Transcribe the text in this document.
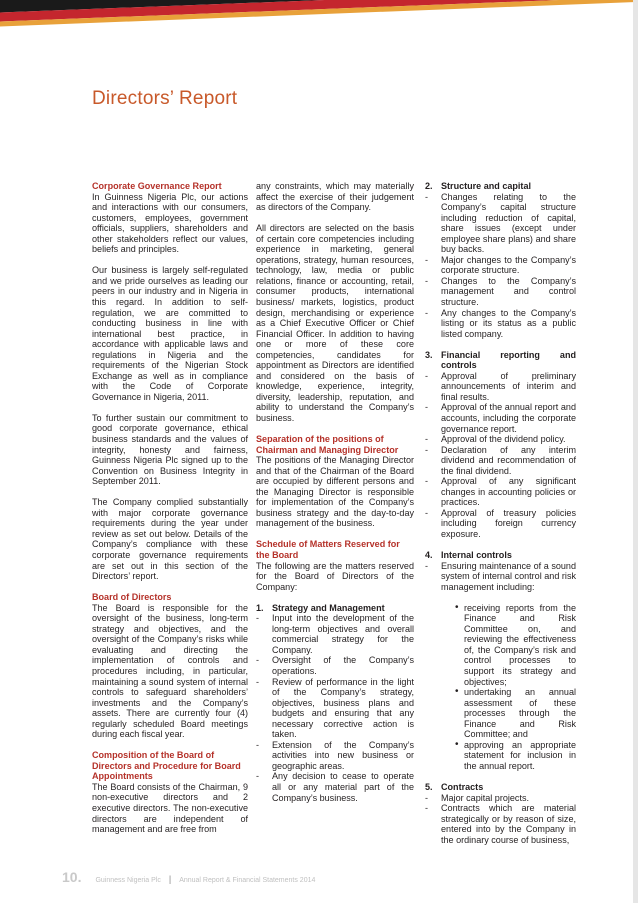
Directors’ Report
Corporate Governance Report

In Guinness Nigeria Plc, our actions and interactions with our consumers, customers, employees, government officials, suppliers, shareholders and other stakeholders reflect our values, beliefs and principles.

Our business is largely self-regulated and we pride ourselves as leading our peers in our industry and in Nigeria in this regard. In addition to self-regulation, we are committed to conducting business in line with international best practice, in accordance with applicable laws and regulations in Nigeria and the requirements of the Nigerian Stock Exchange as well as in compliance with the Code of Corporate Governance in Nigeria, 2011.

To further sustain our commitment to good corporate governance, ethical business standards and the values of integrity, honesty and fairness, Guinness Nigeria Plc signed up to the Convention on Business Integrity in September 2011.

The Company complied substantially with major corporate governance requirements during the year under review as set out below. Details of the Company’s compliance with these corporate governance requirements are set out in this section of the Directors’ report.

Board of Directors

The Board is responsible for the oversight of the business, long-term strategy and objectives, and the oversight of the Company’s risks while evaluating and directing the implementation of controls and procedures including, in particular, maintaining a sound system of internal controls to safeguard shareholders’ investments and the Company’s assets. There are currently four (4) regularly scheduled Board meetings during each fiscal year.

Composition of the Board of Directors and Procedure for Board Appointments

The Board consists of the Chairman, 9 non-executive directors and 2 executive directors. The non-executive directors are independent of management and are free from

any constraints, which may materially affect the exercise of their judgement as directors of the Company.

All directors are selected on the basis of certain core competencies including experience in marketing, general operations, strategy, human resources, technology, law, media or public relations, finance or accounting, retail, consumer products, international business/ markets, logistics, product design, merchandising or experience as a Chief Executive Officer or Chief Financial Officer. In addition to having one or more of these core competencies, candidates for appointment as Directors are identified and considered on the basis of knowledge, experience, integrity, diversity, leadership, reputation, and ability to understand the Company’s business.

Separation of the positions of Chairman and Managing Director

The positions of the Managing Director and that of the Chairman of the Board are occupied by different persons and the Managing Director is responsible for implementation of the Company’s business strategy and the day-to-day management of the business.

Schedule of Matters Reserved for the Board

The following are the matters reserved for the Board of Directors of the Company:

1. Strategy and Management
-	Input into the development of the long-term objectives and overall commercial strategy for the Company.
-	Oversight of the Company’s operations.
-	Review of performance in the light of the Company’s strategy, objectives, business plans and budgets and ensuring that any necessary corrective action is taken.
-	Extension of the Company’s activities into new business or geographic areas.
-	Any decision to cease to operate all or any material part of the Company’s business.
2. Structure and capital
-	Changes relating to the Company’s capital structure including reduction of capital, share issues (except under employee share plans) and share buy backs.
-	Major changes to the Company’s corporate structure.
-	Changes to the Company’s management and control structure.
-	Any changes to the Company’s listing or its status as a public listed company.
3. Financial reporting and controls
-	Approval of preliminary announcements of interim and final results.
-	Approval of the annual report and accounts, including the corporate governance report.
-	Approval of the dividend policy.
-	Declaration of any interim dividend and recommendation of the final dividend.
-	Approval of any significant changes in accounting policies or practices.
-	Approval of treasury policies including foreign currency exposure.
4. Internal controls
-	Ensuring maintenance of a sound system of internal control and risk management including:
• receiving reports from the Finance and Risk Committee on, and reviewing the effectiveness of, the Company’s risk and control processes to support its strategy and objectives;
• undertaking an annual assessment of these processes through the Finance and Risk Committee; and
• approving an appropriate statement for inclusion in the annual report.
5. Contracts
-	Major capital projects.
-	Contracts which are material strategically or by reason of size, entered into by the Company in the ordinary course of business,
10. Guinness Nigeria Plc | Annual Report & Financial Statements 2014
